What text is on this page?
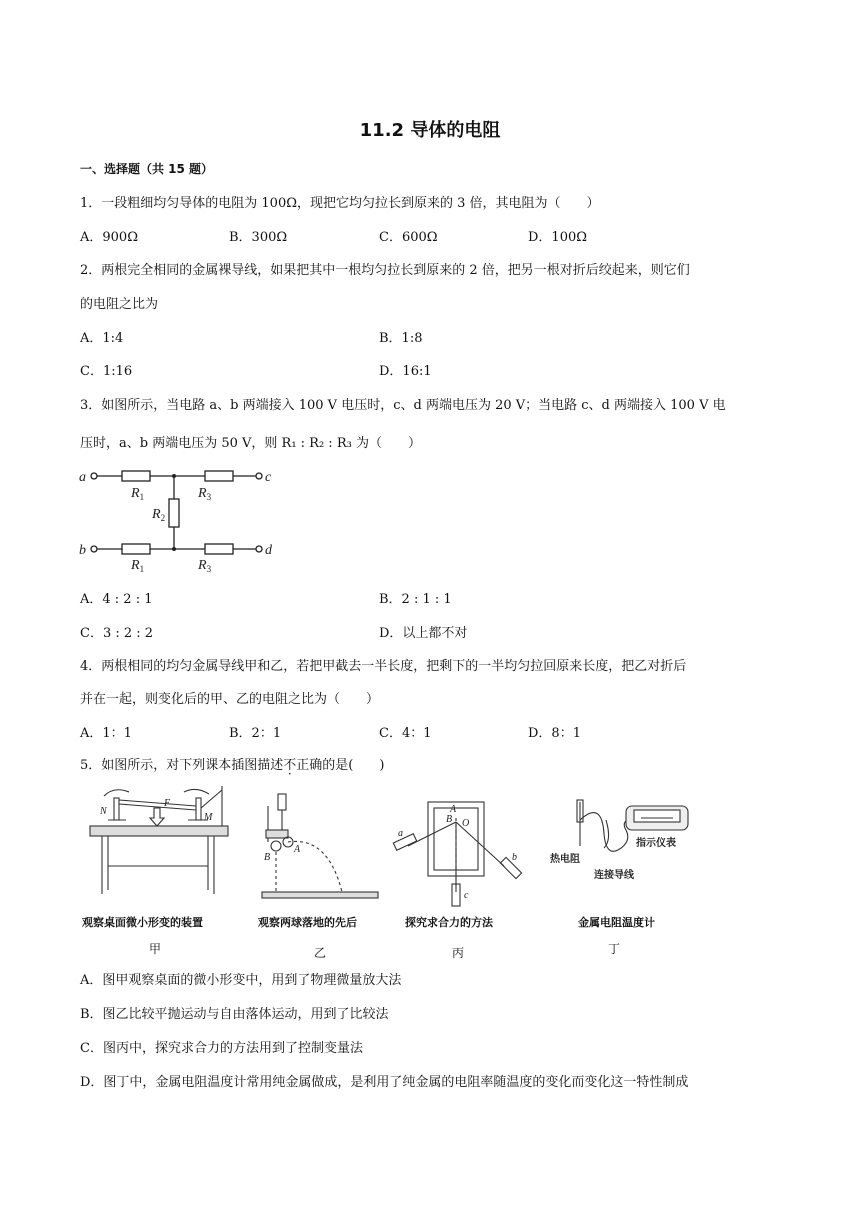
11.2 导体的电阻
一、选择题（共 15 题）
1．一段粗细均匀导体的电阻为 100Ω，现把它均匀拉长到原来的 3 倍，其电阻为（　　）
A．900Ω	B．300Ω	C．600Ω	D．100Ω
2．两根完全相同的金属裸导线，如果把其中一根均匀拉长到原来的 2 倍，把另一根对折后绞起来，则它们
的电阻之比为
A．1:4	B．1:8
C．1:16	D．16:1
3．如图所示，当电路 a、b 两端接入 100 V 电压时，c、d 两端电压为 20 V；当电路 c、d 两端接入 100 V 电
压时，a、b 两端电压为 50 V，则 R₁ : R₂ : R₃ 为（　　）
a
b
c
d
$R_1$
$R_2$
$R_3$
$R_1$	$R_3$
A．4 : 2 : 1	B．2 : 1 : 1
C．3 : 2 : 2	D．以上都不对
4．两根相同的均匀金属导线甲和乙，若把甲截去一半长度，把剩下的一半均匀拉回原来长度，把乙对折后
并在一起，则变化后的甲、乙的电阻之比为（　　）
A．1：1	B．2：1	C．4：1	D．8：1
5．如图所示，对下列课本插图描述不正确的是(　　)
N
M
F
观察桌面微小形变的装置
甲
A
B
观察两球落地的先后
乙
A
B O
a
b
c
探究求合力的方法
丙
指示仪表
热电阻
连接导线
金属电阻温度计
丁
A．图甲观察桌面的微小形变中，用到了物理微量放大法
B．图乙比较平抛运动与自由落体运动，用到了比较法
C．图丙中，探究求合力的方法用到了控制变量法
D．图丁中，金属电阻温度计常用纯金属做成，是利用了纯金属的电阻率随温度的变化而变化这一特性制成
